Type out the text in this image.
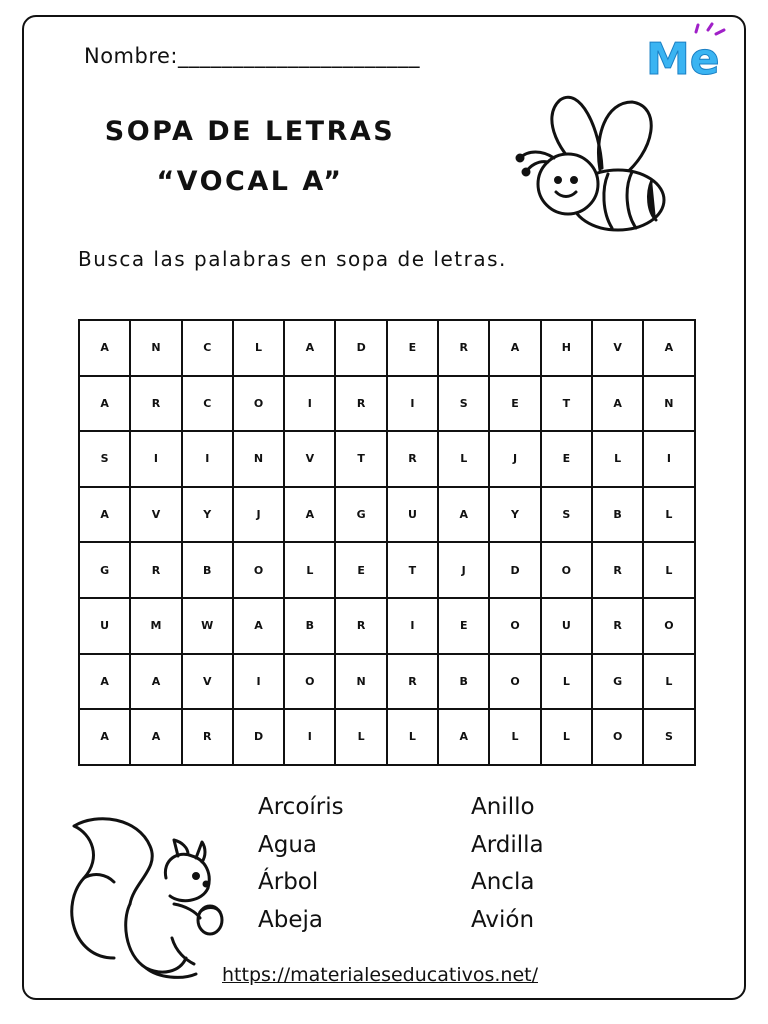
Nombre:______________________	Me
SOPA DE LETRAS
“VOCAL A”
Busca las palabras en sopa de letras.
A	N	C	L	A	D	E	R	A	H	V	A
A	R	C	O	I	R	I	S	E	T	A	N
S	I	I	N	V	T	R	L	J	E	L	I
A	V	Y	J	A	G	U	A	Y	S	B	L
G	R	B	O	L	E	T	J	D	O	R	L
U	M	W	A	B	R	I	E	O	U	R	O
A	A	V	I	O	N	R	B	O	L	G	L
A	A	R	D	I	L	L	A	L	L	O	S
Arcoíris
Agua
Árbol
Abeja
Anillo
Ardilla
Ancla
Avión
https://materialeseducativos.net/
